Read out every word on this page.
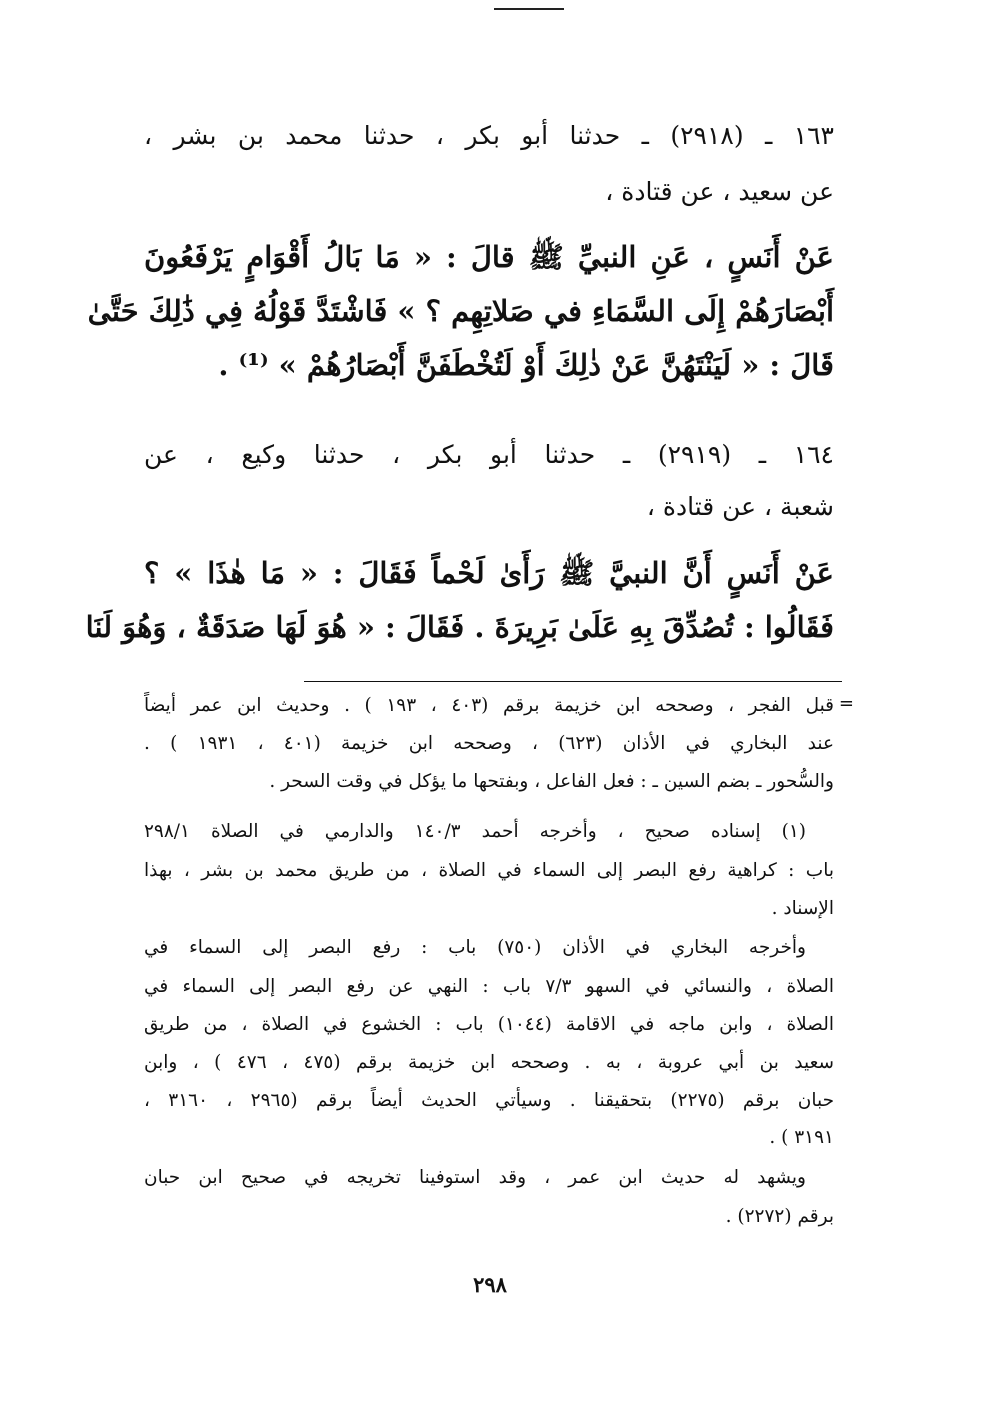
١٦٣ ـ (٢٩١٨) ـ حدثنا أبو بكر ، حدثنا محمد بن بشر ،
عن سعيد ، عن قتادة ،
عَنْ أَنَسٍ ، عَنِ النبيِّ ﷺ قالَ : « مَا بَالُ أَقْوَامٍ يَرْفَعُونَ
أَبْصَارَهُمْ إِلَى السَّمَاءِ في صَلاتِهِم ؟ » فَاشْتَدَّ قَوْلُهُ فِي ذَٰلِكَ حَتَّىٰ
قَالَ : « لَيَنْتَهُنَّ عَنْ ذٰلِكَ أَوْ لَتُخْطَفَنَّ أَبْصَارُهُمْ » ⁽¹⁾ .
١٦٤ ـ (٢٩١٩) ـ حدثنا أبو بكر ، حدثنا وكيع ، عن
شعبة ، عن قتادة ،
عَنْ أَنَسٍ أَنَّ النبيَّ ﷺ رَأَىٰ لَحْماً فَقَالَ : « مَا هٰذَا » ؟
فَقَالُوا : تُصُدِّقَ بِهِ عَلَىٰ بَرِيرَةَ . فَقَالَ : « هُوَ لَهَا صَدَقَةٌ ، وَهُوَ لَنَا
=
قبل الفجر ، وصححه ابن خزيمة برقم (٤٠٣ ، ١٩٣ ) . وحديث ابن عمر أيضاً
عند البخاري في الأذان (٦٢٣) ، وصححه ابن خزيمة (٤٠١ ، ١٩٣١ ) .
والسُّحور ـ بضم السين ـ : فعل الفاعل ، وبفتحها ما يؤكل في وقت السحر .
(١) إسناده صحيح ، وأخرجه أحمد ١٤٠/٣ والدارمي في الصلاة ٢٩٨/١
باب : كراهية رفع البصر إلى السماء في الصلاة ، من طريق محمد بن بشر ، بهذا
الإسناد .
وأخرجه البخاري في الأذان (٧٥٠) باب : رفع البصر إلى السماء في
الصلاة ، والنسائي في السهو ٧/٣ باب : النهي عن رفع البصر إلى السماء في
الصلاة ، وابن ماجه في الاقامة (١٠٤٤) باب : الخشوع في الصلاة ، من طريق
سعيد بن أبي عروبة ، به . وصححه ابن خزيمة برقم (٤٧٥ ، ٤٧٦ ) ، وابن
حبان برقم (٢٢٧٥) بتحقيقنا . وسيأتي الحديث أيضاً برقم (٢٩٦٥ ، ٣١٦٠ ،
٣١٩١ ) .
ويشهد له حديث ابن عمر ، وقد استوفينا تخريجه في صحيح ابن حبان
برقم (٢٢٧٢) .
٢٩٨
